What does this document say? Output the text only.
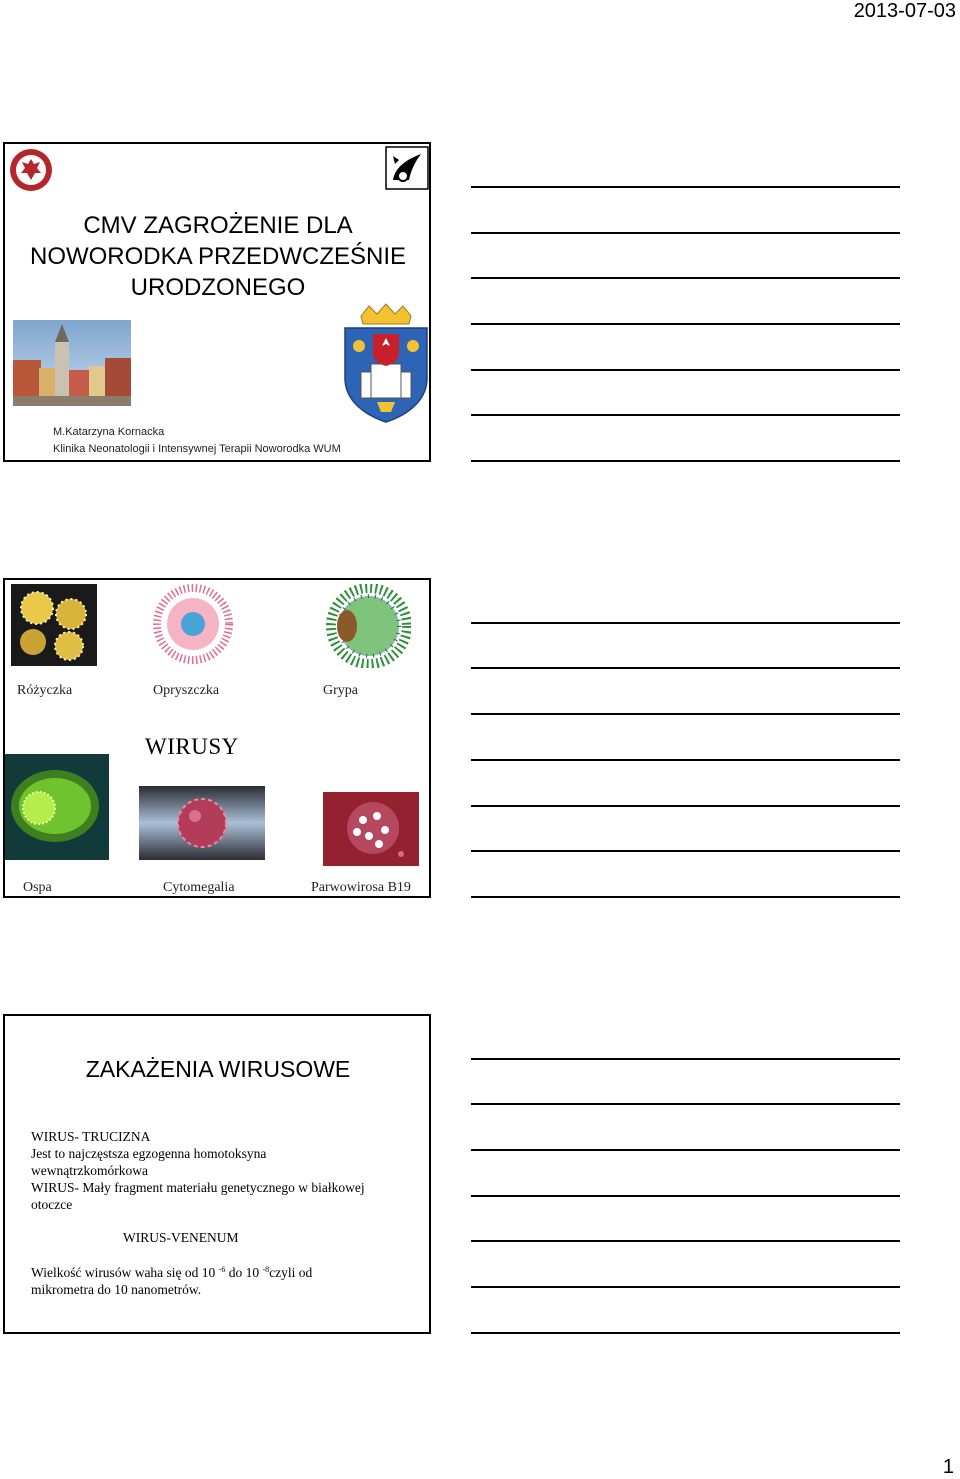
2013-07-03
1
CMV ZAGROŻENIE DLA
NOWORODKA PRZEDWCZEŚNIE
URODZONEGO
M.Katarzyna Kornacka
Klinika Neonatologii i Intensywnej Terapii Noworodka WUM
Różyczka	Opryszczka	Grypa
WIRUSY
Ospa	Cytomegalia	Parwowirosa B19
ZAKAŻENIA WIRUSOWE
WIRUS- TRUCIZNA
Jest to najczęstsza egzogenna homotoksyna
wewnątrzkomórkowa
WIRUS- Mały fragment materiału genetycznego w białkowej
otoczce
WIRUS-VENENUM
Wielkość wirusów waha się od 10 $^{-6}$ do 10 $^{-8}$czyli od
mikrometra do 10 nanometrów.
